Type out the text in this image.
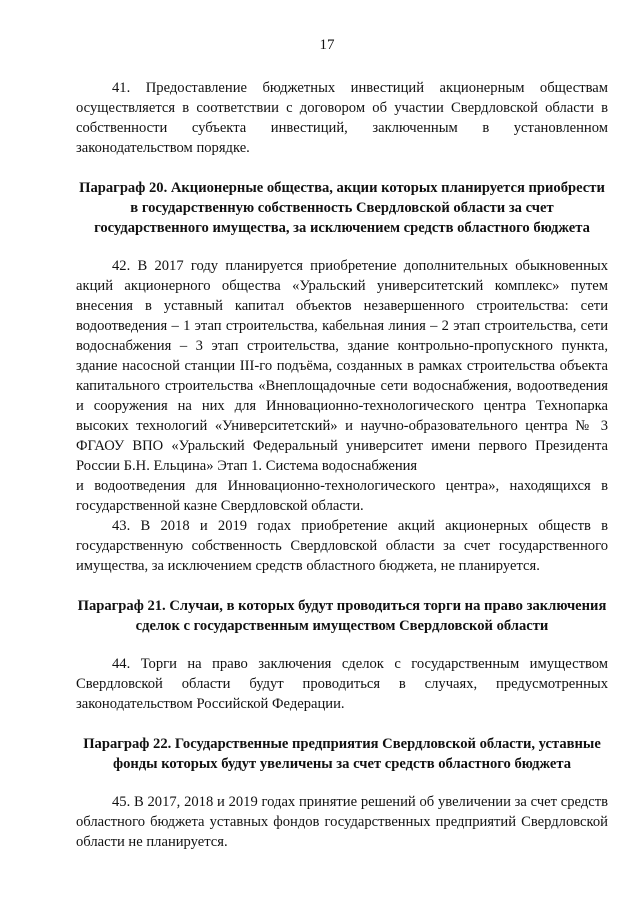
17

41. Предоставление бюджетных инвестиций акционерным обществам осуществляется в соответствии с договором об участии Свердловской области в собственности субъекта инвестиций, заключенным в установленном законодательством порядке.

Параграф 20. Акционерные общества, акции которых планируется приобрести в государственную собственность Свердловской области за счет государственного имущества, за исключением средств областного бюджета

42. В 2017 году планируется приобретение дополнительных обыкновенных акций акционерного общества «Уральский университетский комплекс» путем внесения в уставный капитал объектов незавершенного строительства: сети водоотведения – 1 этап строительства, кабельная линия – 2 этап строительства, сети водоснабжения – 3 этап строительства, здание контрольно-пропускного пункта, здание насосной станции III-го подъёма, созданных в рамках строительства объекта капитального строительства «Внеплощадочные сети водоснабжения, водоотведения и сооружения на них для Инновационно-технологического центра Технопарка высоких технологий «Университетский» и научно-образовательного центра № 3 ФГАОУ ВПО «Уральский Федеральный университет имени первого Президента России Б.Н. Ельцина» Этап 1. Система водоснабжения

и водоотведения для Инновационно-технологического центра», находящихся в государственной казне Свердловской области.

43. В 2018 и 2019 годах приобретение акций акционерных обществ в государственную собственность Свердловской области за счет государственного имущества, за исключением средств областного бюджета, не планируется.

Параграф 21. Случаи, в которых будут проводиться торги на право заключения сделок с государственным имуществом Свердловской области

44. Торги на право заключения сделок с государственным имуществом Свердловской области будут проводиться в случаях, предусмотренных законодательством Российской Федерации.

Параграф 22. Государственные предприятия Свердловской области, уставные фонды которых будут увеличены за счет средств областного бюджета

45. В 2017, 2018 и 2019 годах принятие решений об увеличении за счет средств областного бюджета уставных фондов государственных предприятий Свердловской области не планируется.
